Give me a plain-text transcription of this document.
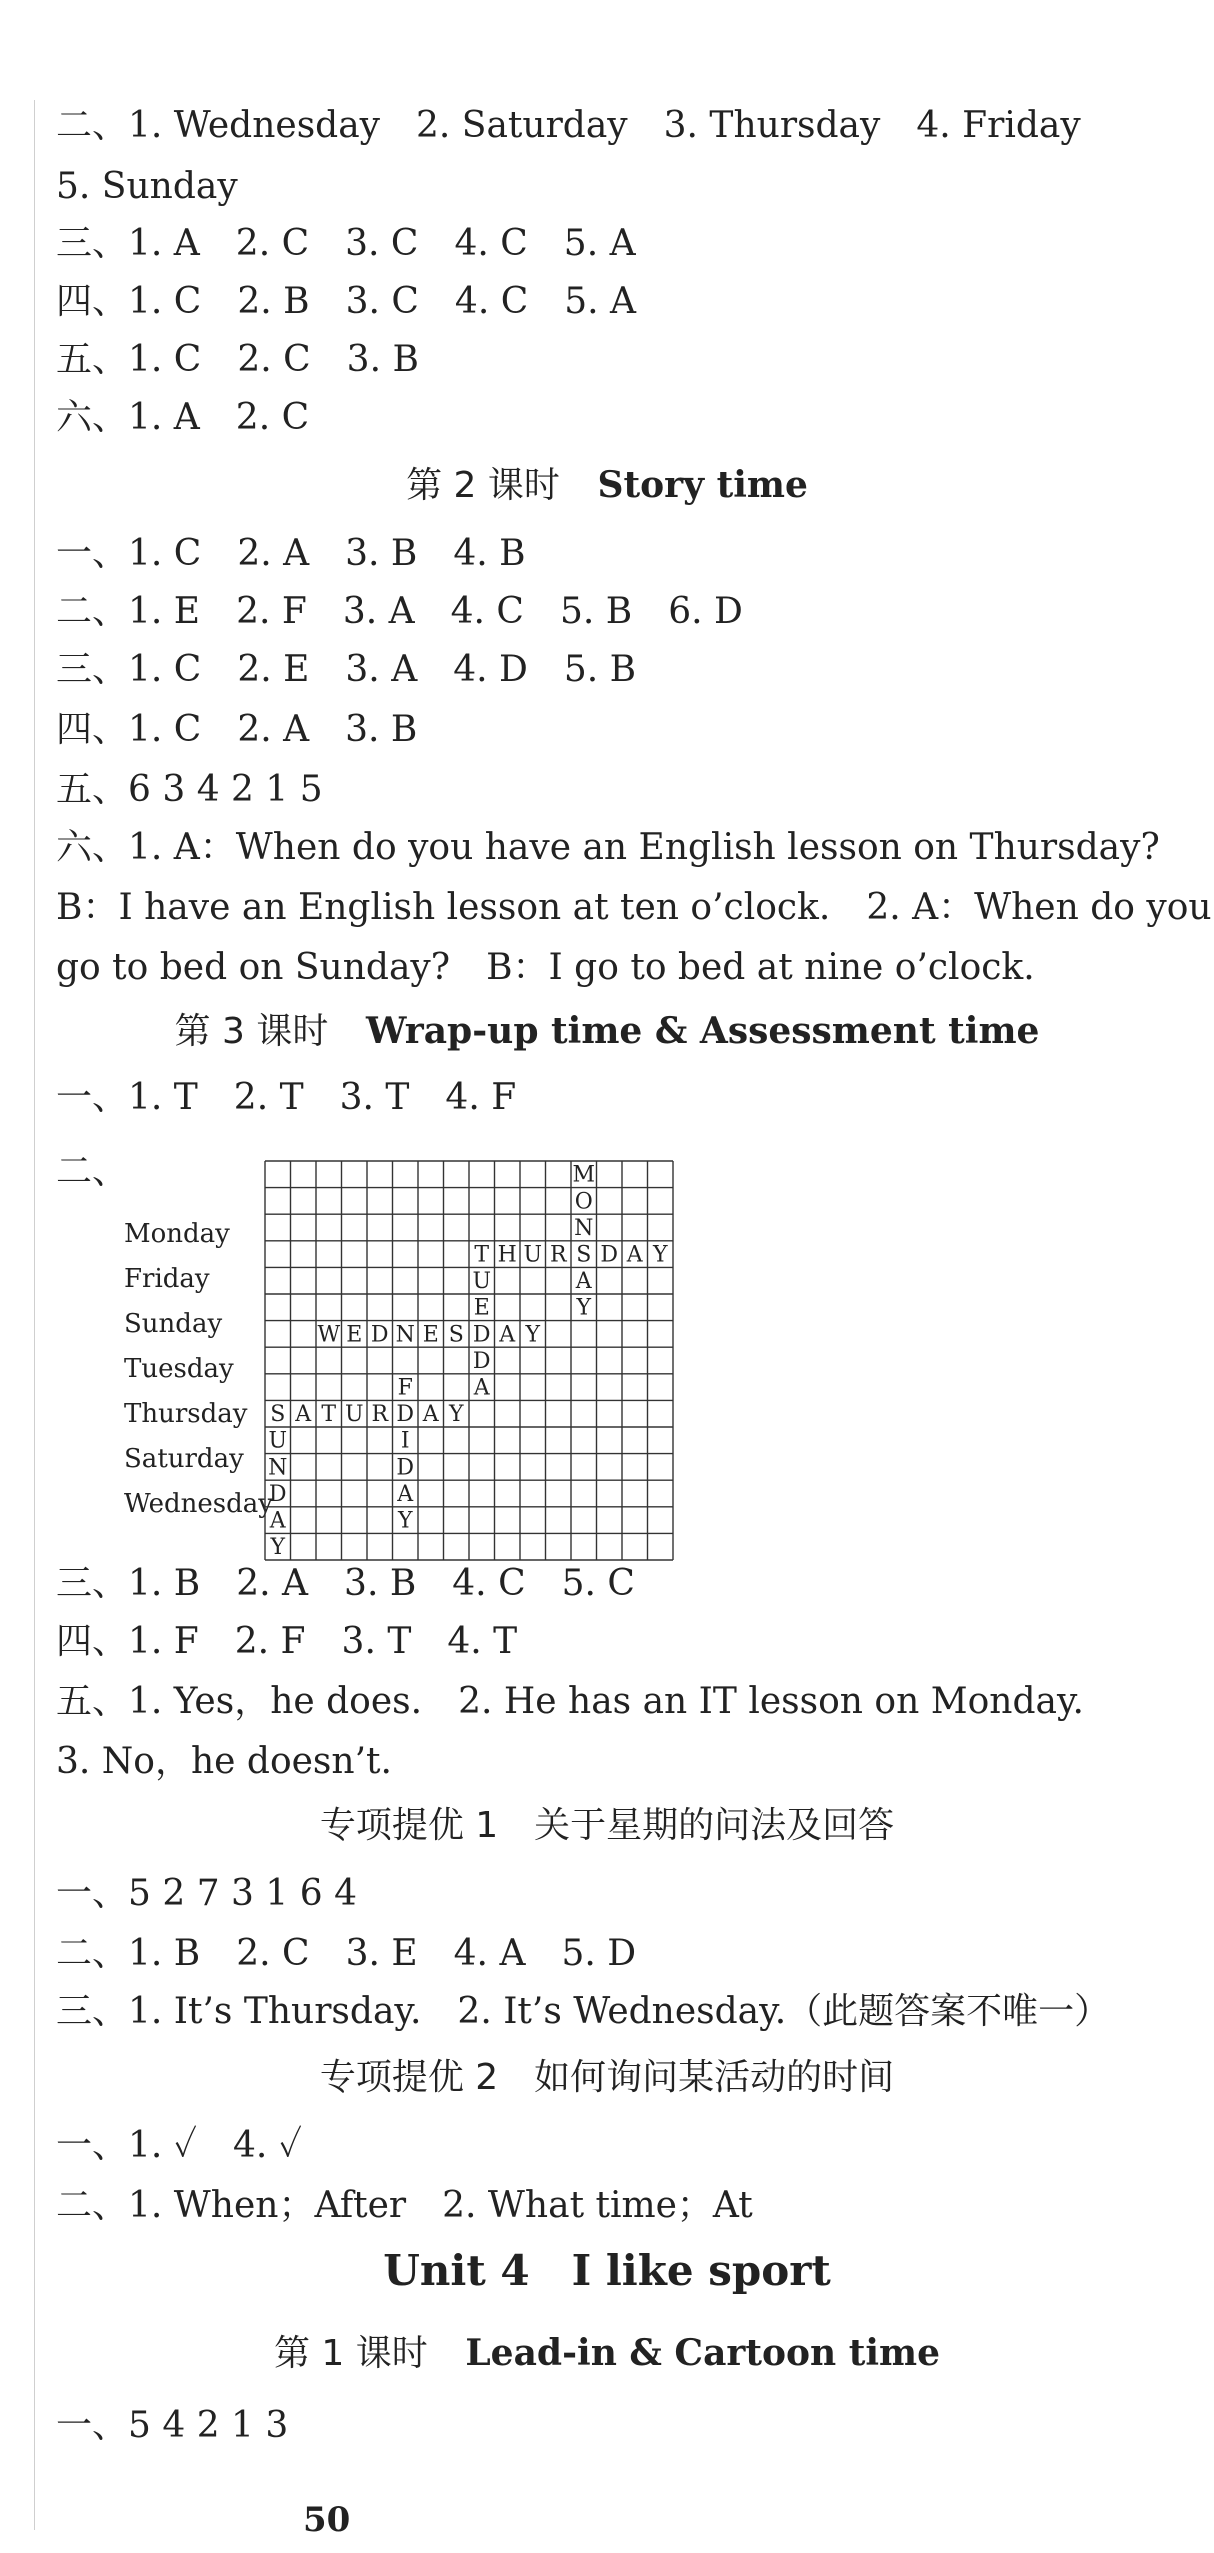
二、1. Wednesday　2. Saturday　3. Thursday　4. Friday
5. Sunday
三、1. A　2. C　3. C　4. C　5. A
四、1. C　2. B　3. C　4. C　5. A
五、1. C　2. C　3. B
六、1. A　2. C
第 2 课时 Story time
一、1. C　2. A　3. B　4. B
二、1. E　2. F　3. A　4. C　5. B　6. D
三、1. C　2. E　3. A　4. D　5. B
四、1. C　2. A　3. B
五、6 3 4 2 1 5
六、1. A：When do you have an English lesson on Thursday?
B：I have an English lesson at ten o’clock.　2. A：When do you
go to bed on Sunday?　B：I go to bed at nine o’clock.
第 3 课时 Wrap-up time & Assessment time
一、1. T　2. T　3. T　4. F
二、
Monday
Friday
Sunday
Tuesday
Thursday
Saturday
Wednesday
M
O
N
T H U R S D A Y
U	A
E	Y
W E D N E S D A Y
D
F	A
S A T U R D A Y
U	I
N	D
D	A
A	Y
Y
三、1. B　2. A　3. B　4. C　5. C
四、1. F　2. F　3. T　4. T
五、1. Yes，he does.　2. He has an IT lesson on Monday.
3. No，he doesn’t.
专项提优 1　关于星期的问法及回答
一、5 2 7 3 1 6 4
二、1. B　2. C　3. E　4. A　5. D
三、1. It’s Thursday.　2. It’s Wednesday.（此题答案不唯一）
专项提优 2　如何询问某活动的时间
一、1. ✓　4. ✓
二、1. When；After　2. What time；At
Unit 4　I like sport
第 1 课时 Lead-in & Cartoon time
一、5 4 2 1 3
50
